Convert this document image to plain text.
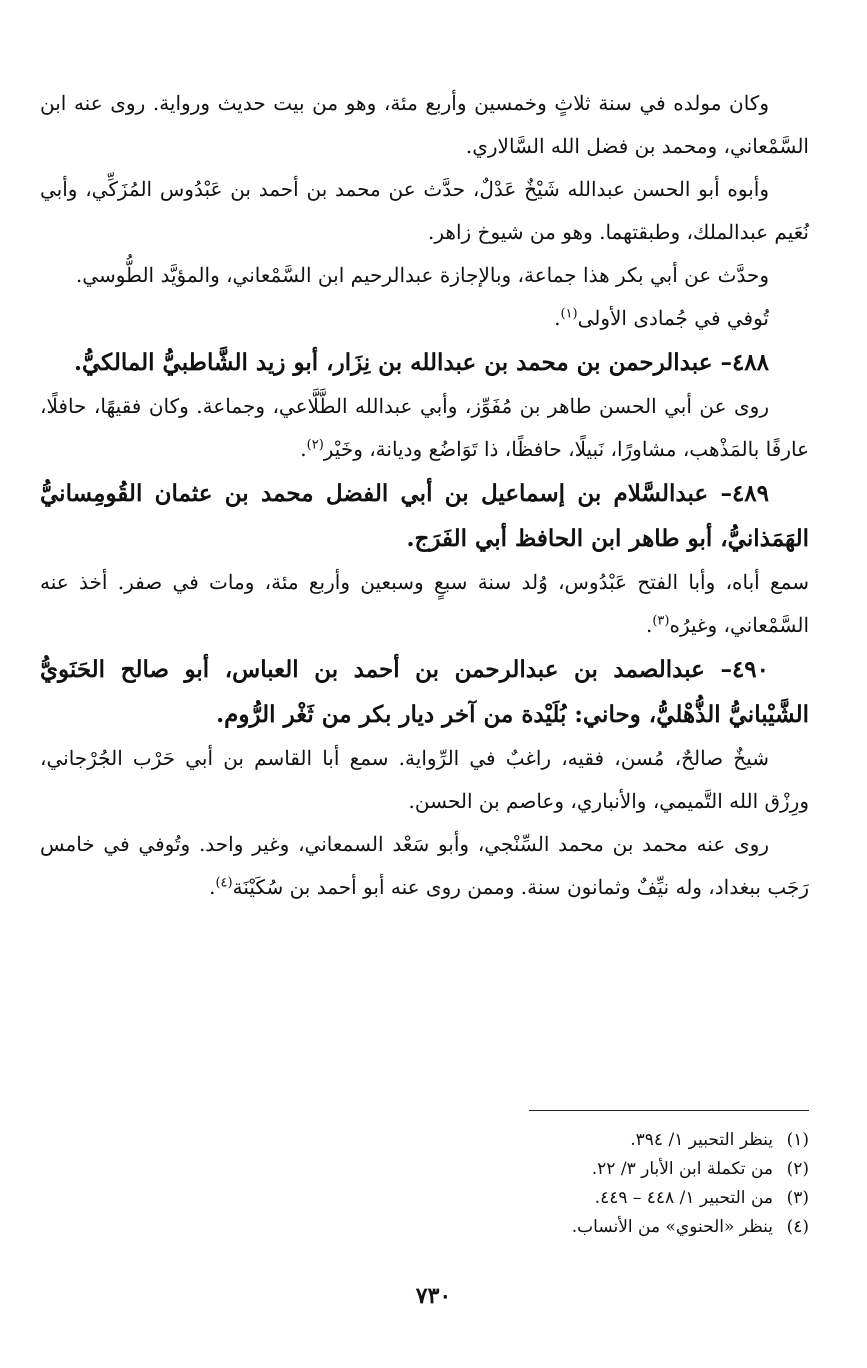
وكان مولده في سنة ثلاثٍ وخمسين وأربع مئة، وهو من بيت حديث ورواية. روى عنه ابن السَّمْعاني، ومحمد بن فضل الله السَّالاري.

وأبوه أبو الحسن عبدالله شَيْخٌ عَدْلٌ، حدَّث عن محمد بن أحمد بن عَبْدُوس المُزَكِّي، وأبي نُعَيم عبدالملك، وطبقتهما. وهو من شيوخ زاهر.

وحدَّث عن أبي بكر هذا جماعة، وبالإجازة عبدالرحيم ابن السَّمْعاني، والمؤيَّد الطُّوسي.

تُوفي في جُمادى الأولى$^{(١)}$.

٤٨٨– عبدالرحمن بن محمد بن عبدالله بن نِزَار، أبو زيد الشَّاطبيُّ المالكيُّ.

روى عن أبي الحسن طاهر بن مُفَوِّز، وأبي عبدالله الطَّلَّاعي، وجماعة. وكان فقيهًا، حافلًا، عارفًا بالمَذْهب، مشاورًا، نَبيلًا، حافظًا، ذا تَوَاضُع وديانة، وخَيْر$^{(٢)}$.

٤٨٩– عبدالسَّلام بن إسماعيل بن أبي الفضل محمد بن عثمان القُومِسانيُّ الهَمَذانيُّ، أبو طاهر ابن الحافظ أبي الفَرَج.

سمع أباه، وأبا الفتح عَبْدُوس، وُلد سنة سبعٍ وسبعين وأربع مئة، ومات في صفر. أخذ عنه السَّمْعاني، وغيرُه$^{(٣)}$.

٤٩٠– عبدالصمد بن عبدالرحمن بن أحمد بن العباس، أبو صالح الحَنَويُّ الشَّيْبانيُّ الذُّهْليُّ، وحاني: بُلَيْدة من آخر ديار بكر من ثَغْر الرُّوم.

شيخٌ صالحٌ، مُسن، فقيه، راغبٌ في الرِّواية. سمع أبا القاسم بن أبي حَرْب الجُرْجاني، ورِزْق الله التَّميمي، والأنباري، وعاصم بن الحسن.

روى عنه محمد بن محمد السِّنْجي، وأبو سَعْد السمعاني، وغير واحد. وتُوفي في خامس رَجَب ببغداد، وله نيِّفٌ وثمانون سنة. وممن روى عنه أبو أحمد بن سُكَيْنَة$^{(٤)}$.

(١)ينظر التحبير ١/ ٣٩٤.
(٢)من تكملة ابن الأبار ٣/ ٢٢.
(٣)من التحبير ١/ ٤٤٨ – ٤٤٩.
(٤)ينظر «الحنوي» من الأنساب.
٧٣٠
